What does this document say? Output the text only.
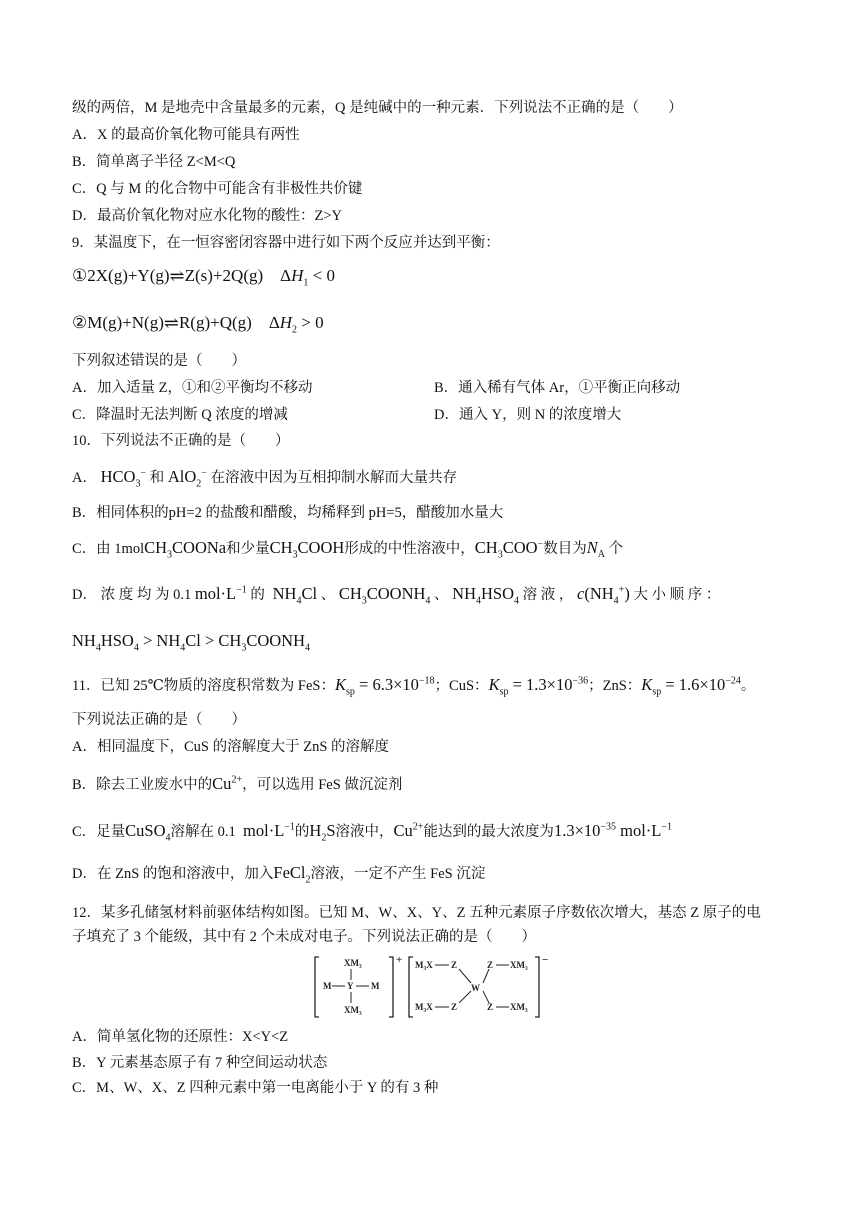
级的两倍，M 是地壳中含量最多的元素，Q 是纯碱中的一种元素．下列说法不正确的是（　　）
A．X 的最高价氧化物可能具有两性
B．简单离子半径 Z<M<Q
C．Q 与 M 的化合物中可能含有非极性共价键
D．最高价氧化物对应水化物的酸性：Z>Y
9．某温度下，在一恒容密闭容器中进行如下两个反应并达到平衡：
①2X(g)+Y(g)⇌Z(s)+2Q(g)    $\Delta H_1 < 0$
②M(g)+N(g)⇌R(g)+Q(g)    $\Delta H_2 > 0$
下列叙述错误的是（　　）
A．加入适量 Z，①和②平衡均不移动	B．通入稀有气体 Ar，①平衡正向移动
C．降温时无法判断 Q 浓度的增减	D．通入 Y，则 N 的浓度增大
10．下列说法不正确的是（　　）
A． $HCO_3^-$ 和 AlO$_2$− 在溶液中因为互相抑制水解而大量共存
B．相同体积的pH=2 的盐酸和醋酸，均稀释到 pH=5，醋酸加水量大
C．由 1molCH$_3$COONa和少量$CH_3COOH$形成的中性溶液中，$CH_3COO^-$数目为$N_A$ 个
D． 浓 度 均 为 0.1 $mol\cdot L^{-1}$ 的  $NH_4Cl$ 、 $CH_3COONH_4$ 、 $NH_4HSO_4$ 溶 液 ， $c(NH_4^+)$ 大 小 顺 序 ：
$NH_4HSO_4 > NH_4Cl$ > $CH_3COONH_4$
11．已知 25℃物质的溶度积常数为 FeS：$K_{sp} = 6.3\times 10^{-18}$；CuS：$K_{sp} = 1.3\times 10^{-36}$；ZnS：$K_{sp} = 1.6\times 10^{-24}$。
下列说法正确的是（　　）
A．相同温度下，CuS 的溶解度大于 ZnS 的溶解度
B．除去工业废水中的$Cu^{2+}$，可以选用 FeS 做沉淀剂
C．足量CuSO$_4$溶解在 0.1 $mol\cdot L^{-1}$的$H_2S$溶液中，$Cu^{2+}$能达到的最大浓度为$1.3\times 10^{-35}$ $mol\cdot L^{-1}$
D．在 ZnS 的饱和溶液中，加入FeCl$_2$溶液，一定不产生 FeS 沉淀
12．某多孔储氢材料前驱体结构如图。已知 M、W、X、Y、Z 五种元素原子序数依次增大，基态 Z 原子的电
子填充了 3 个能级，其中有 2 个未成对电子。下列说法正确的是（　　）
XM₃
M Y M
XM₃
+ M₃X Z
W
Z XM₃
M₃X Z	Z XM₃
−
A．简单氢化物的还原性：X<Y<Z
B．Y 元素基态原子有 7 种空间运动状态
C．M、W、X、Z 四种元素中第一电离能小于 Y 的有 3 种
